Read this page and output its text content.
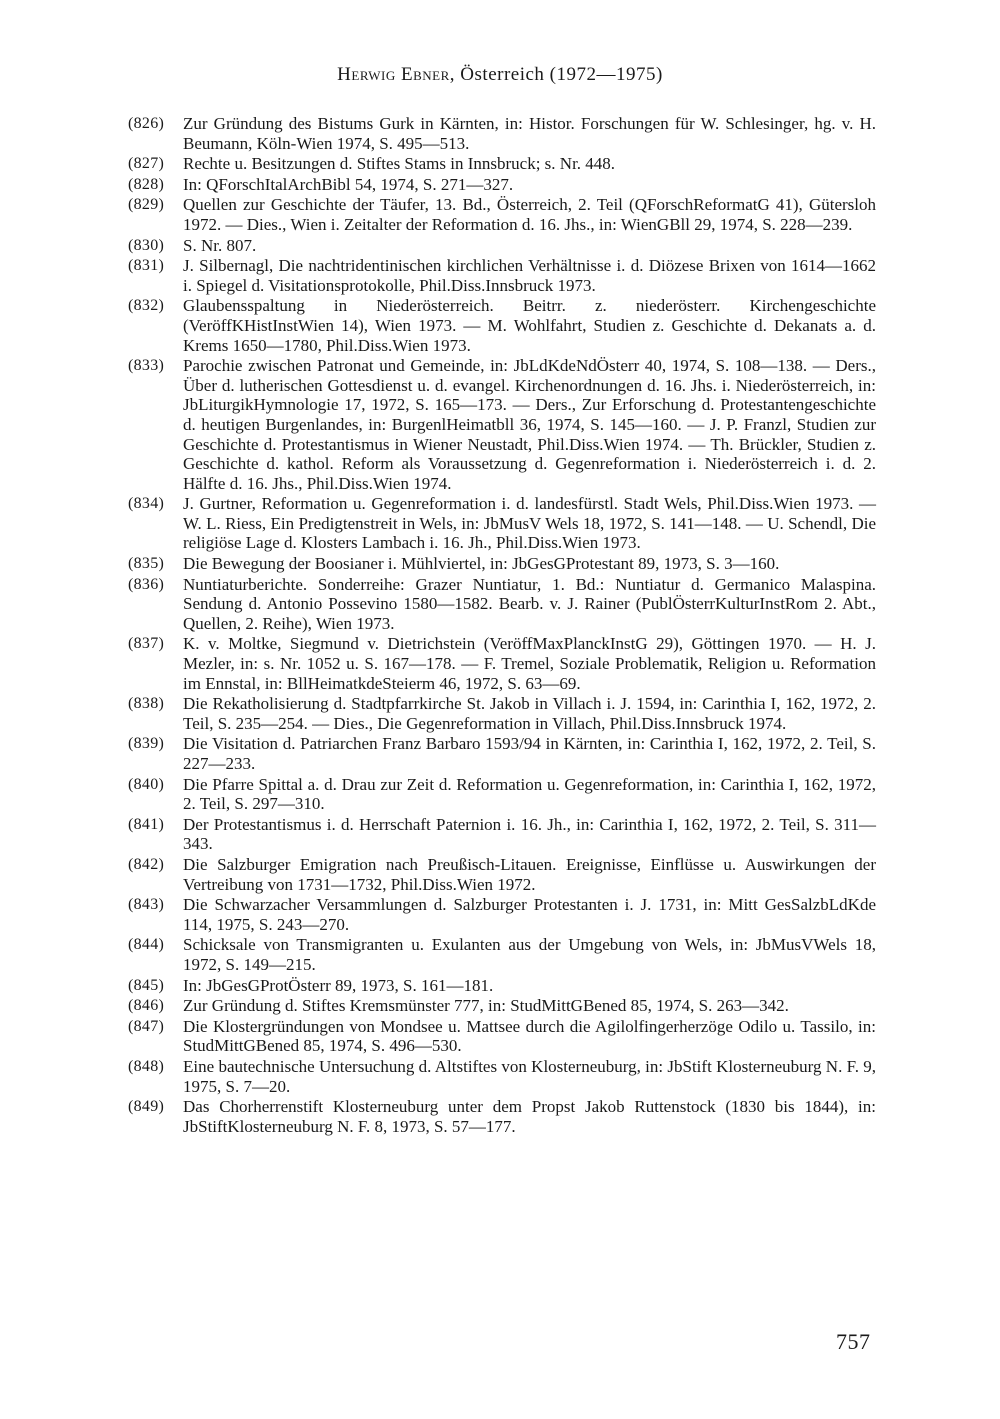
Herwig Ebner, Österreich (1972—1975)
(826) Zur Gründung des Bistums Gurk in Kärnten, in: Histor. Forschungen für W. Schlesinger, hg. v. H. Beumann, Köln-Wien 1974, S. 495—513.
(827) Rechte u. Besitzungen d. Stiftes Stams in Innsbruck; s. Nr. 448.
(828) In: QForschItalArchBibl 54, 1974, S. 271—327.
(829) Quellen zur Geschichte der Täufer, 13. Bd., Österreich, 2. Teil (QForschReformatG 41), Gütersloh 1972. — Dies., Wien i. Zeitalter der Reformation d. 16. Jhs., in: WienGBll 29, 1974, S. 228—239.
(830) S. Nr. 807.
(831) J. Silbernagl, Die nachtridentinischen kirchlichen Verhältnisse i. d. Diözese Brixen von 1614—1662 i. Spiegel d. Visitationsprotokolle, Phil.Diss.Innsbruck 1973.
(832) Glaubensspaltung in Niederösterreich. Beitrr. z. niederösterr. Kirchengeschichte (VeröffKHistInstWien 14), Wien 1973. — M. Wohlfahrt, Studien z. Geschichte d. Dekanats a. d. Krems 1650—1780, Phil.Diss.Wien 1973.
(833) Parochie zwischen Patronat und Gemeinde, in: JbLdKdeNdÖsterr 40, 1974, S. 108—138. — Ders., Über d. lutherischen Gottesdienst u. d. evangel. Kirchenordnungen d. 16. Jhs. i. Niederösterreich, in: JbLiturgikHymnologie 17, 1972, S. 165—173. — Ders., Zur Erforschung d. Protestantengeschichte d. heutigen Burgenlandes, in: BurgenlHeimatbll 36, 1974, S. 145—160. — J. P. Franzl, Studien zur Geschichte d. Protestantismus in Wiener Neustadt, Phil.Diss.Wien 1974. — Th. Brückler, Studien z. Geschichte d. kathol. Reform als Voraussetzung d. Gegenreformation i. Niederösterreich i. d. 2. Hälfte d. 16. Jhs., Phil.Diss.Wien 1974.
(834) J. Gurtner, Reformation u. Gegenreformation i. d. landesfürstl. Stadt Wels, Phil.Diss.Wien 1973. — W. L. Riess, Ein Predigtenstreit in Wels, in: JbMusV Wels 18, 1972, S. 141—148. — U. Schendl, Die religiöse Lage d. Klosters Lambach i. 16. Jh., Phil.Diss.Wien 1973.
(835) Die Bewegung der Boosianer i. Mühlviertel, in: JbGesGProtestant 89, 1973, S. 3—160.
(836) Nuntiaturberichte. Sonderreihe: Grazer Nuntiatur, 1. Bd.: Nuntiatur d. Germanico Malaspina. Sendung d. Antonio Possevino 1580—1582. Bearb. v. J. Rainer (PublÖsterrKulturInstRom 2. Abt., Quellen, 2. Reihe), Wien 1973.
(837) K. v. Moltke, Siegmund v. Dietrichstein (VeröffMaxPlanckInstG 29), Göttingen 1970. — H. J. Mezler, in: s. Nr. 1052 u. S. 167—178. — F. Tremel, Soziale Problematik, Religion u. Reformation im Ennstal, in: BllHeimatkdeSteierm 46, 1972, S. 63—69.
(838) Die Rekatholisierung d. Stadtpfarrkirche St. Jakob in Villach i. J. 1594, in: Carinthia I, 162, 1972, 2. Teil, S. 235—254. — Dies., Die Gegenreformation in Villach, Phil.Diss.Innsbruck 1974.
(839) Die Visitation d. Patriarchen Franz Barbaro 1593/94 in Kärnten, in: Carinthia I, 162, 1972, 2. Teil, S. 227—233.
(840) Die Pfarre Spittal a. d. Drau zur Zeit d. Reformation u. Gegenreformation, in: Carinthia I, 162, 1972, 2. Teil, S. 297—310.
(841) Der Protestantismus i. d. Herrschaft Paternion i. 16. Jh., in: Carinthia I, 162, 1972, 2. Teil, S. 311—343.
(842) Die Salzburger Emigration nach Preußisch-Litauen. Ereignisse, Einflüsse u. Auswirkungen der Vertreibung von 1731—1732, Phil.Diss.Wien 1972.
(843) Die Schwarzacher Versammlungen d. Salzburger Protestanten i. J. 1731, in: Mitt GesSalzbLdKde 114, 1975, S. 243—270.
(844) Schicksale von Transmigranten u. Exulanten aus der Umgebung von Wels, in: JbMusVWels 18, 1972, S. 149—215.
(845) In: JbGesGProtÖsterr 89, 1973, S. 161—181.
(846) Zur Gründung d. Stiftes Kremsmünster 777, in: StudMittGBened 85, 1974, S. 263—342.
(847) Die Klostergründungen von Mondsee u. Mattsee durch die Agilolfingerherzöge Odilo u. Tassilo, in: StudMittGBened 85, 1974, S. 496—530.
(848) Eine bautechnische Untersuchung d. Altstiftes von Klosterneuburg, in: JbStift Klosterneuburg N. F. 9, 1975, S. 7—20.
(849) Das Chorherrenstift Klosterneuburg unter dem Propst Jakob Ruttenstock (1830 bis 1844), in: JbStiftKlosterneuburg N. F. 8, 1973, S. 57—177.
757
